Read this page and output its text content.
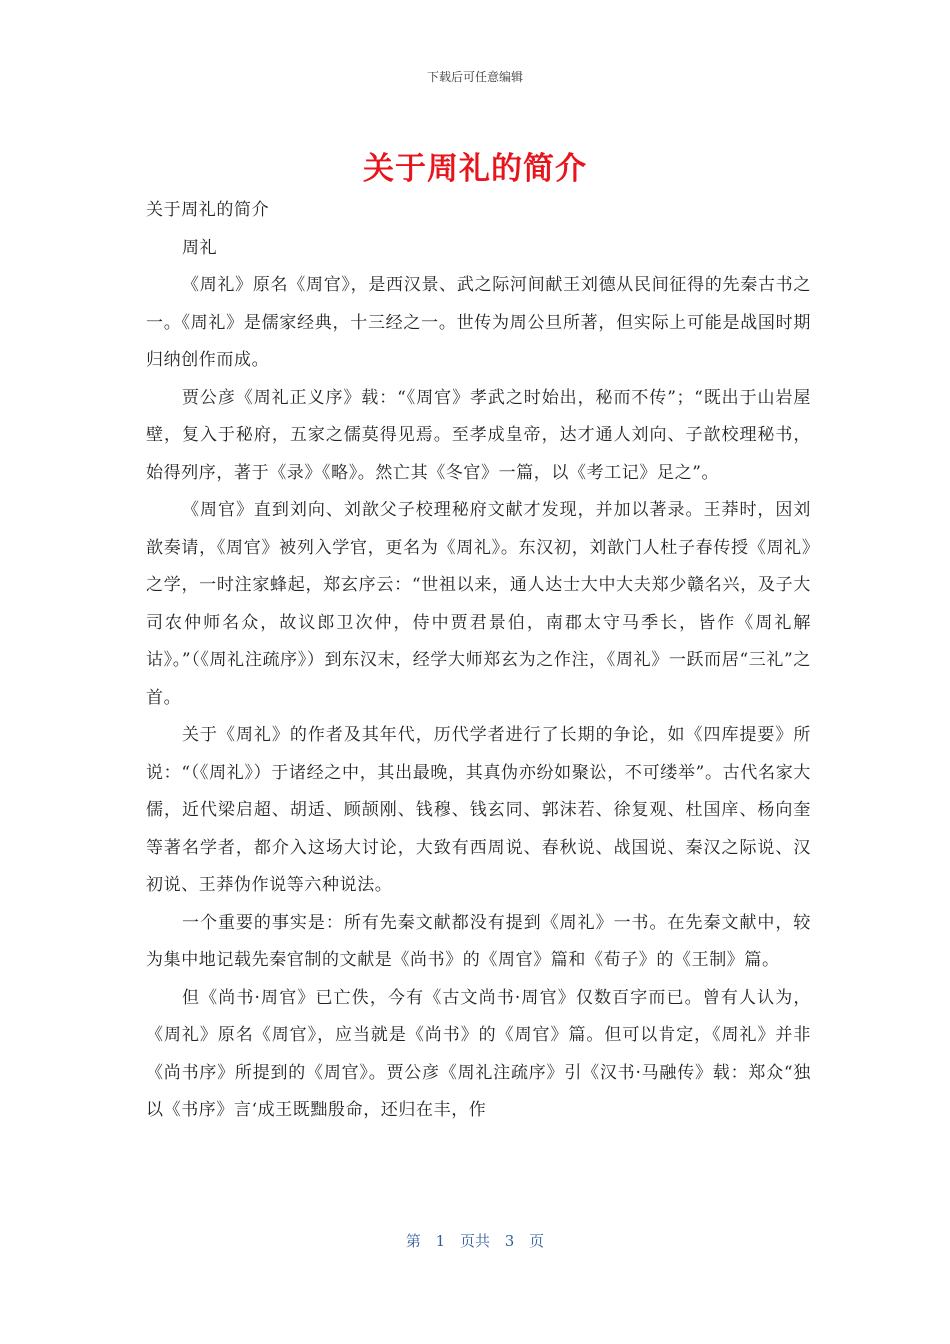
下载后可任意编辑
关于周礼的简介

关于周礼的简介

周礼

《周礼》原名《周官》，是西汉景、武之际河间献王刘德从民间征得的先秦古书之一。《周礼》是儒家经典，十三经之一。世传为周公旦所著，但实际上可能是战国时期归纳创作而成。

贾公彦《周礼正义序》载：“《周官》孝武之时始出，秘而不传”；“既出于山岩屋壁，复入于秘府，五家之儒莫得见焉。至孝成皇帝，达才通人刘向、子歆校理秘书，始得列序，著于《录》《略》。然亡其《冬官》一篇，以《考工记》足之”。

《周官》直到刘向、刘歆父子校理秘府文献才发现，并加以著录。王莽时，因刘歆奏请，《周官》被列入学官，更名为《周礼》。东汉初，刘歆门人杜子春传授《周礼》之学，一时注家蜂起，郑玄序云：“世祖以来，通人达士大中大夫郑少赣名兴，及子大司农仲师名众，故议郎卫次仲，侍中贾君景伯，南郡太守马季长，皆作《周礼解诂》。”（《周礼注疏序》）到东汉末，经学大师郑玄为之作注，《周礼》一跃而居“三礼”之首。

关于《周礼》的作者及其年代，历代学者进行了长期的争论，如《四库提要》所说：“（《周礼》）于诸经之中，其出最晚，其真伪亦纷如聚讼，不可缕举”。古代名家大儒，近代梁启超、胡适、顾颉刚、钱穆、钱玄同、郭沫若、徐复观、杜国庠、杨向奎等著名学者，都介入这场大讨论，大致有西周说、春秋说、战国说、秦汉之际说、汉初说、王莽伪作说等六种说法。

一个重要的事实是：所有先秦文献都没有提到《周礼》一书。在先秦文献中，较为集中地记载先秦官制的文献是《尚书》的《周官》篇和《荀子》的《王制》篇。

但《尚书·周官》已亡佚，今有《古文尚书·周官》仅数百字而已。曾有人认为，《周礼》原名《周官》，应当就是《尚书》的《周官》篇。但可以肯定，《周礼》并非《尚书序》所提到的《周官》。贾公彦《周礼注疏序》引《汉书·马融传》载：郑众“独以《书序》言‘成王既黜殷命，还归在丰，作

第 1 页共 3 页
